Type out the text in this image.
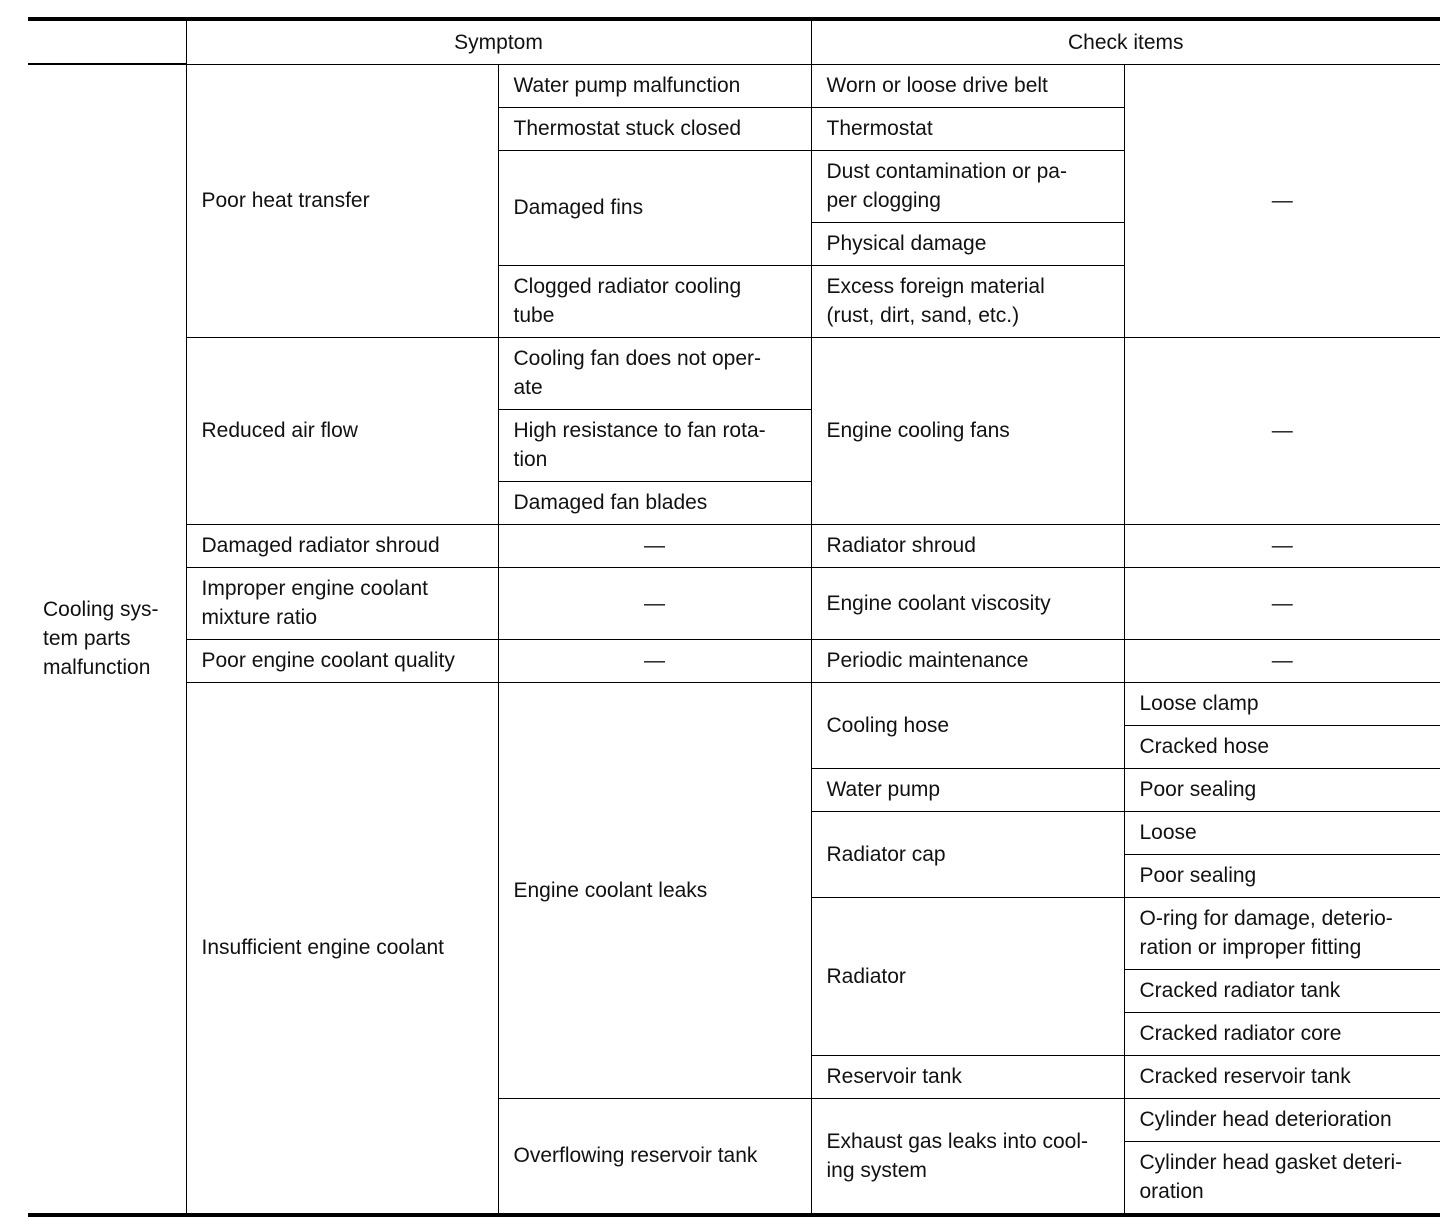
	Symptom		Check items	
Cooling sys-
tem parts
malfunction	Poor heat transfer	Water pump malfunction	Worn or loose drive belt	—
		Thermostat stuck closed	Thermostat	
		Damaged fins	Dust contamination or pa-
per clogging	
			Physical damage	
		Clogged radiator cooling
tube	Excess foreign material
(rust, dirt, sand, etc.)	
	Reduced air flow	Cooling fan does not oper-
ate	Engine cooling fans	—
		High resistance to fan rota-
tion		
		Damaged fan blades		
	Damaged radiator shroud	—	Radiator shroud	—
	Improper engine coolant
mixture ratio	—	Engine coolant viscosity	—
	Poor engine coolant quality	—	Periodic maintenance	—
	Insufficient engine coolant	Engine coolant leaks	Cooling hose	Loose clamp
				Cracked hose
			Water pump	Poor sealing
			Radiator cap	Loose
				Poor sealing
			Radiator	O-ring for damage, deterio-
ration or improper fitting
				Cracked radiator tank
				Cracked radiator core
			Reservoir tank	Cracked reservoir tank
		Overflowing reservoir tank	Exhaust gas leaks into cool-
ing system	Cylinder head deterioration
				Cylinder head gasket deteri-
oration
